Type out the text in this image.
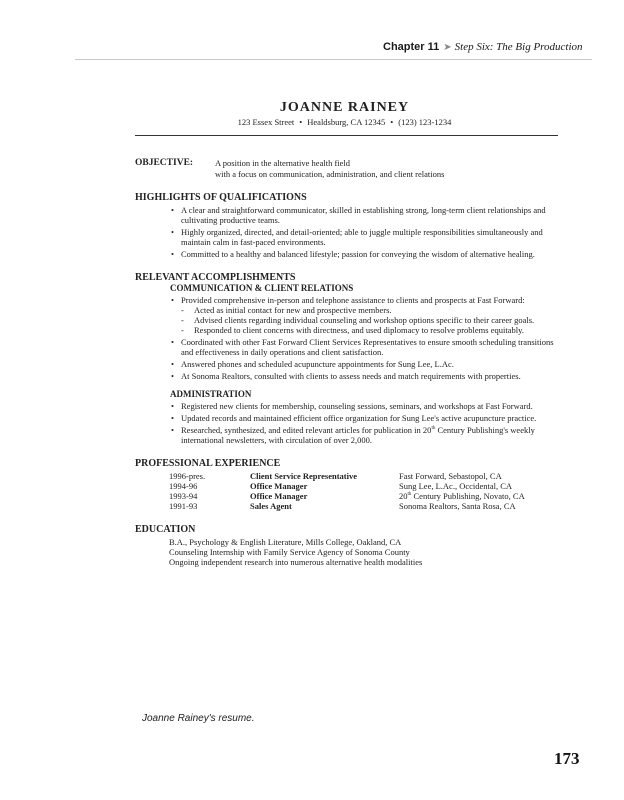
Chapter 11 ➤ Step Six: The Big Production
JOANNE RAINEY
123 Essex Street • Healdsburg, CA 12345 • (123) 123-1234
OBJECTIVE:	A position in the alternative health field
with a focus on communication, administration, and client relations
HIGHLIGHTS OF QUALIFICATIONS
• A clear and straightforward communicator, skilled in establishing strong, long-term client relationships and cultivating productive teams.
• Highly organized, directed, and detail-oriented; able to juggle multiple responsibilities simultaneously and maintain calm in fast-paced environments.
• Committed to a healthy and balanced lifestyle; passion for conveying the wisdom of alternative healing.
RELEVANT ACCOMPLISHMENTS
COMMUNICATION & CLIENT RELATIONS
• Provided comprehensive in-person and telephone assistance to clients and prospects at Fast Forward:
- Acted as initial contact for new and prospective members.
- Advised clients regarding individual counseling and workshop options specific to their career goals.
- Responded to client concerns with directness, and used diplomacy to resolve problems equitably.
• Coordinated with other Fast Forward Client Services Representatives to ensure smooth scheduling transitions and effectiveness in daily operations and client satisfaction.
• Answered phones and scheduled acupuncture appointments for Sung Lee, L.Ac.
• At Sonoma Realtors, consulted with clients to assess needs and match requirements with properties.
ADMINISTRATION
• Registered new clients for membership, counseling sessions, seminars, and workshops at Fast Forward.
• Updated records and maintained efficient office organization for Sung Lee's active acupuncture practice.
• Researched, synthesized, and edited relevant articles for publication in 20th Century Publishing's weekly international newsletters, with circulation of over 2,000.
PROFESSIONAL EXPERIENCE
1996-pres.	Client Service Representative	Fast Forward, Sebastopol, CA
1994-96	Office Manager	Sung Lee, L.Ac., Occidental, CA
1993-94	Office Manager	20th Century Publishing, Novato, CA
1991-93	Sales Agent	Sonoma Realtors, Santa Rosa, CA
EDUCATION
B.A., Psychology & English Literature, Mills College, Oakland, CA
Counseling Internship with Family Service Agency of Sonoma County
Ongoing independent research into numerous alternative health modalities
Joanne Rainey's resume.
173
